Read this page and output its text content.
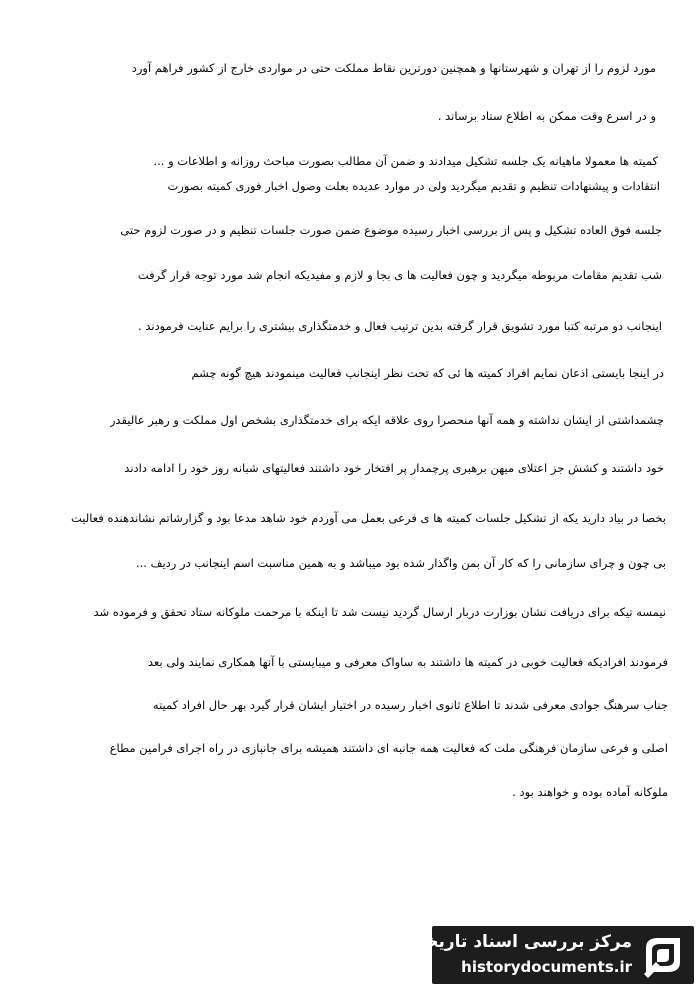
مورد لزوم را از تهران و شهرستانها و همچنین دورترین نقاط مملکت حتی در مواردی خارج از کشور فراهم آورد
و در اسرع وقت ممکن به اطلاع ستاد برساند .
کمیته ها معمولا ماهیانه یک جلسه تشکیل میدادند و ضمن آن مطالب بصورت مباحث روزانه و اطلاعات و ...
انتقادات و پیشنهادات تنظیم و تقدیم میگردید ولی در موارد عدیده بعلت وصول اخبار فوری کمیته بصورت
جلسه فوق العاده تشکیل و پس از بررسی اخبار رسیده موضوع ضمن صورت جلسات تنظیم و در صورت لزوم حتی
شب تقدیم مقامات مربوطه میگردید و چون فعالیت ها ی بجا و لازم و مفیدیکه انجام شد مورد توجه قرار گرفت
اینجانب دو مرتبه کتبا مورد تشویق قرار گرفته بدین ترتیب فعال و خدمتگذاری بیشتری را برایم عنایت فرمودند .
در اینجا بایستی اذعان نمایم افراد کمیته ها ئی که تحت نظر اینجانب فعالیت مینمودند هیچ گونه چشم
چشمداشتی از ایشان نداشته و همه آنها منحصرا روی علاقه ایکه برای خدمتگذاری بشخص اول مملکت و رهبر عالیقدر
خود داشتند و کشش جز اعتلای میهن برهبری پرچمدار پر افتخار خود داشتند فعالیتهای شبانه روز خود را ادامه دادند
بخصا در بیاد دارید یکه از تشکیل جلسات کمیته ها ی فرعی بعمل می آوردم خود شاهد مدعا بود و گزارشاتم نشاندهنده فعالیت
بی چون و چرای سازمانی را که کار آن بمن واگذار شده بود میباشد و به همین مناسبت اسم اینجانب در ردیف ...
نیمسه تیکه برای دریافت نشان بوزارت دربار ارسال گردید نیست شد تا اینکه با مرحمت ملوکانه ستاد تحقق و فرموده شد
فرمودند افرادیکه فعالیت خوبی در کمیته ها داشتند به ساواک معرفی و میبایستی با آنها همکاری نمایند ولی بعد
جناب سرهنگ جوادی معرفی شدند تا اطلاع ثانوی اخبار رسیده در اختیار ایشان قرار گیرد بهر حال افراد کمیته
اصلی و فرعی سازمان فرهنگی ملت که فعالیت همه جانبه ای داشتند همیشه برای جانبازی در راه اجرای فرامین مطاع
ملوکانه آماده بوده و خواهند بود .
مرکز بررسی اسناد تاریخی
historydocuments.ir
